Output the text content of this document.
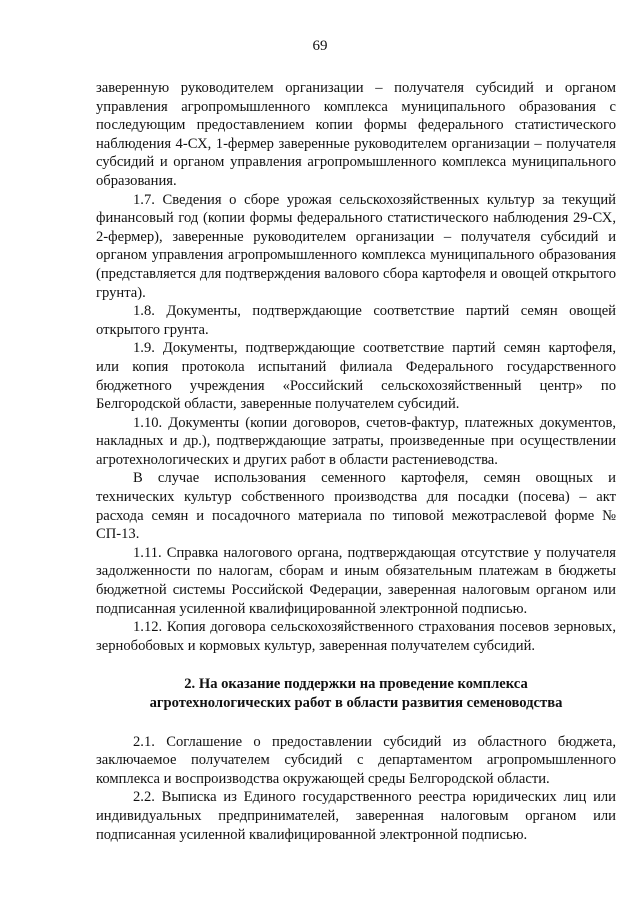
69

заверенную руководителем организации – получателя субсидий и органом управления агропромышленного комплекса муниципального образования с последующим предоставлением копии формы федерального статистического наблюдения 4-СХ, 1-фермер заверенные руководителем организации – получателя субсидий и органом управления агропромышленного комплекса муниципального образования.

1.7. Сведения о сборе урожая сельскохозяйственных культур за текущий финансовый год (копии формы федерального статистического наблюдения 29-СХ, 2-фермер), заверенные руководителем организации – получателя субсидий и органом управления агропромышленного комплекса муниципального образования (представляется для подтверждения валового сбора картофеля и овощей открытого грунта).

1.8. Документы, подтверждающие соответствие партий семян овощей открытого грунта.

1.9. Документы, подтверждающие соответствие партий семян картофеля, или копия протокола испытаний филиала Федерального государственного бюджетного учреждения «Российский сельскохозяйственный центр» по Белгородской области, заверенные получателем субсидий.

1.10. Документы (копии договоров, счетов-фактур, платежных документов, накладных и др.), подтверждающие затраты, произведенные при осуществлении агротехнологических и других работ в области растениеводства.

В случае использования семенного картофеля, семян овощных и технических культур собственного производства для посадки (посева) – акт расхода семян и посадочного материала по типовой межотраслевой форме № СП-13.

1.11. Справка налогового органа, подтверждающая отсутствие у получателя задолженности по налогам, сборам и иным обязательным платежам в бюджеты бюджетной системы Российской Федерации, заверенная налоговым органом или подписанная усиленной квалифицированной электронной подписью.

1.12. Копия договора сельскохозяйственного страхования посевов зерновых, зернобобовых и кормовых культур, заверенная получателем субсидий.

2. На оказание поддержки на проведение комплекса агротехнологических работ в области развития семеноводства

2.1. Соглашение о предоставлении субсидий из областного бюджета, заключаемое получателем субсидий с департаментом агропромышленного комплекса и воспроизводства окружающей среды Белгородской области.

2.2. Выписка из Единого государственного реестра юридических лиц или индивидуальных предпринимателей, заверенная налоговым органом или подписанная усиленной квалифицированной электронной подписью.
